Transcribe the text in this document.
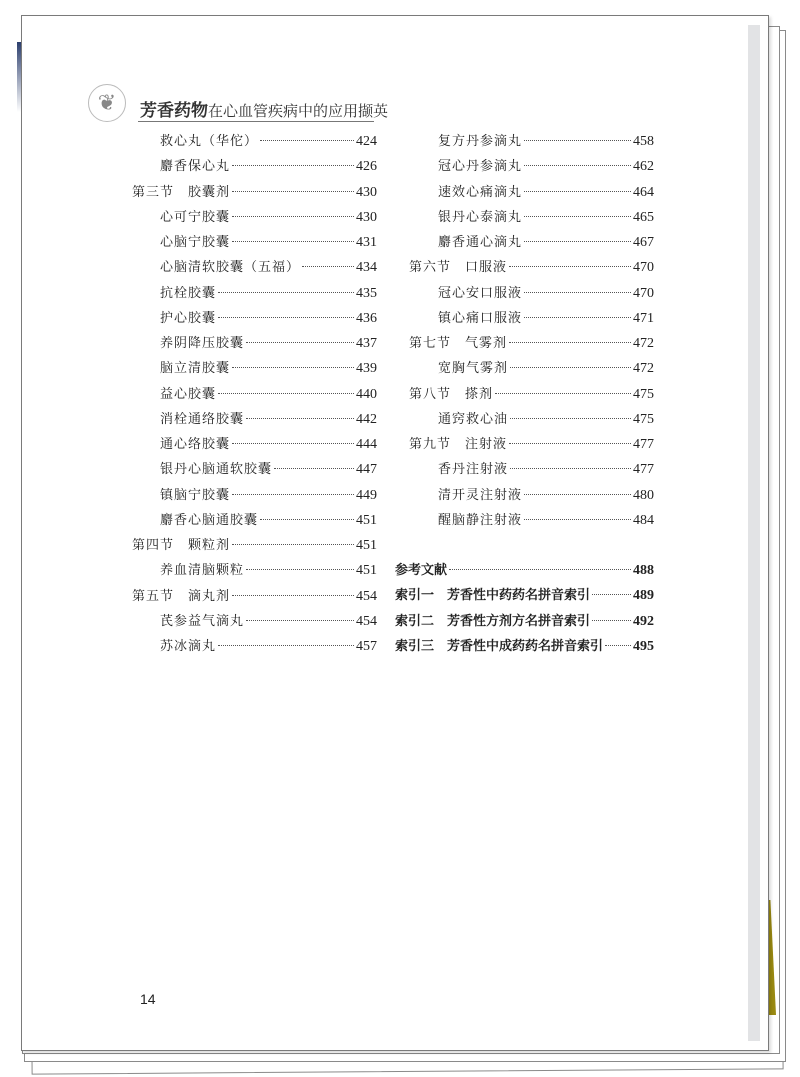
❦	芳香药物在心血管疾病中的应用撷英
救心丸（华佗）	424
麝香保心丸	426
第三节　胶囊剂	430
心可宁胶囊	430
心脑宁胶囊	431
心脑清软胶囊（五福）	434
抗栓胶囊	435
护心胶囊	436
养阴降压胶囊	437
脑立清胶囊	439
益心胶囊	440
消栓通络胶囊	442
通心络胶囊	444
银丹心脑通软胶囊	447
镇脑宁胶囊	449
麝香心脑通胶囊	451
第四节　颗粒剂	451
养血清脑颗粒	451
第五节　滴丸剂	454
芪参益气滴丸	454
苏冰滴丸	457
复方丹参滴丸	458
冠心丹参滴丸	462
速效心痛滴丸	464
银丹心泰滴丸	465
麝香通心滴丸	467
第六节　口服液	470
冠心安口服液	470
镇心痛口服液	471
第七节　气雾剂	472
宽胸气雾剂	472
第八节　搽剂	475
通窍救心油	475
第九节　注射液	477
香丹注射液	477
清开灵注射液	480
醒脑静注射液	484
参考文献	488
索引一　芳香性中药药名拼音索引	489
索引二　芳香性方剂方名拼音索引	492
索引三　芳香性中成药药名拼音索引 495
14
